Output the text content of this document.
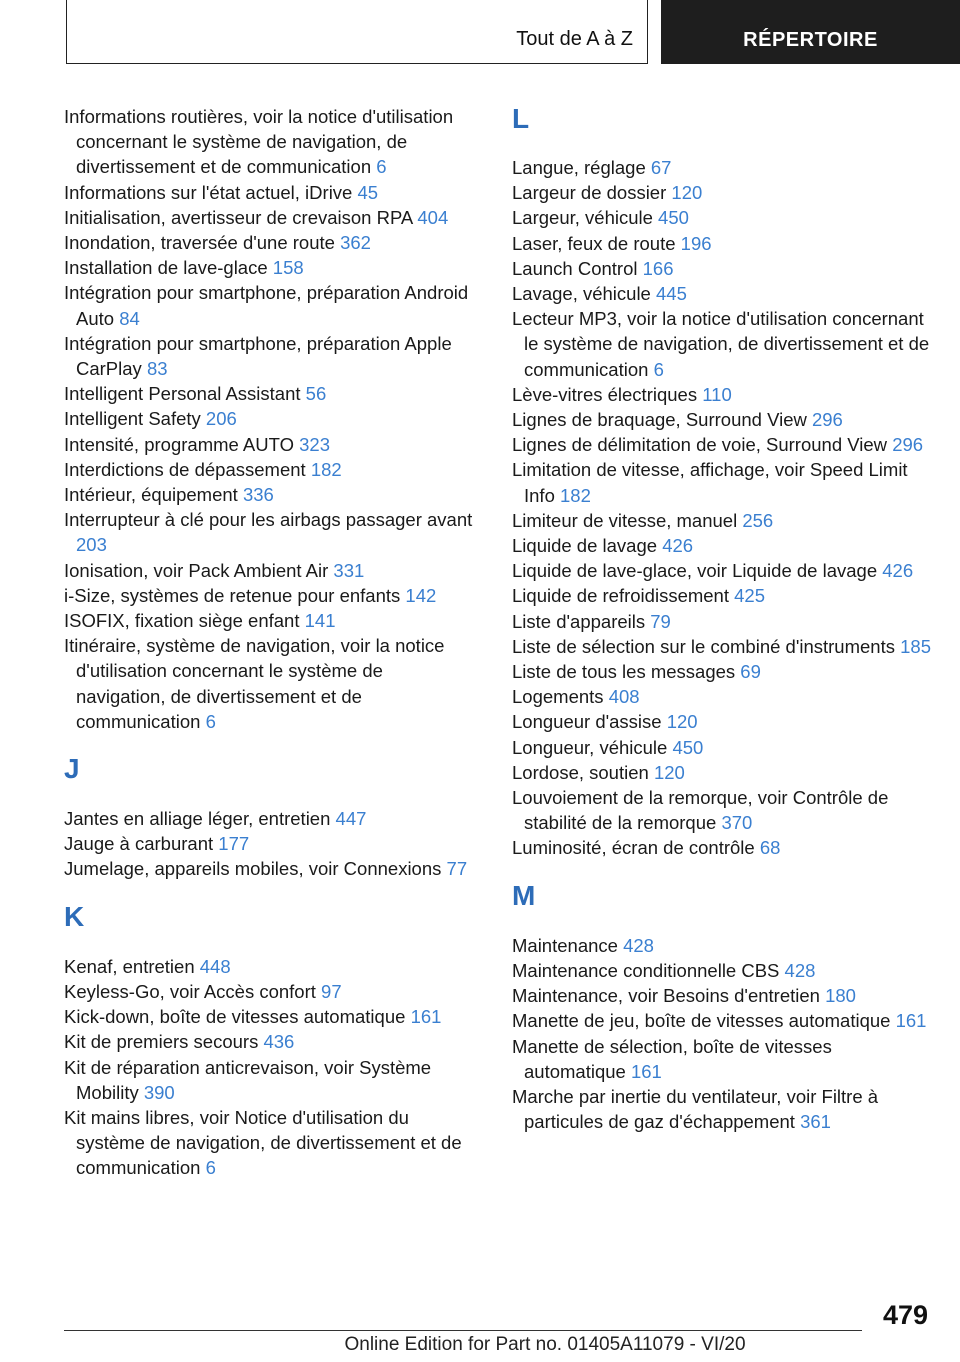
Tout de A à Z	RÉPERTOIRE
Informations routières, voir la notice d'utilisation concernant le système de navigation, de divertissement et de communication 6
Informations sur l'état actuel, iDrive 45
Initialisation, avertisseur de crevaison RPA 404
Inondation, traversée d'une route 362
Installation de lave-glace 158
Intégration pour smartphone, préparation Android Auto 84
Intégration pour smartphone, préparation Apple CarPlay 83
Intelligent Personal Assistant 56
Intelligent Safety 206
Intensité, programme AUTO 323
Interdictions de dépassement 182
Intérieur, équipement 336
Interrupteur à clé pour les airbags passager avant 203
Ionisation, voir Pack Ambient Air 331
i-Size, systèmes de retenue pour enfants 142
ISOFIX, fixation siège enfant 141
Itinéraire, système de navigation, voir la notice d'utilisation concernant le système de navigation, de divertissement et de communication 6
J
Jantes en alliage léger, entretien 447
Jauge à carburant 177
Jumelage, appareils mobiles, voir Connexions 77
K
Kenaf, entretien 448
Keyless-Go, voir Accès confort 97
Kick-down, boîte de vitesses automatique 161
Kit de premiers secours 436
Kit de réparation anticrevaison, voir Système Mobility 390
Kit mains libres, voir Notice d'utilisation du système de navigation, de divertissement et de communication 6
L
Langue, réglage 67
Largeur de dossier 120
Largeur, véhicule 450
Laser, feux de route 196
Launch Control 166
Lavage, véhicule 445
Lecteur MP3, voir la notice d'utilisation concernant le système de navigation, de divertissement et de communication 6
Lève-vitres électriques 110
Lignes de braquage, Surround View 296
Lignes de délimitation de voie, Surround View 296
Limitation de vitesse, affichage, voir Speed Limit Info 182
Limiteur de vitesse, manuel 256
Liquide de lavage 426
Liquide de lave-glace, voir Liquide de lavage 426
Liquide de refroidissement 425
Liste d'appareils 79
Liste de sélection sur le combiné d'instruments 185
Liste de tous les messages 69
Logements 408
Longueur d'assise 120
Longueur, véhicule 450
Lordose, soutien 120
Louvoiement de la remorque, voir Contrôle de stabilité de la remorque 370
Luminosité, écran de contrôle 68
M
Maintenance 428
Maintenance conditionnelle CBS 428
Maintenance, voir Besoins d'entretien 180
Manette de jeu, boîte de vitesses automatique 161
Manette de sélection, boîte de vitesses automatique 161
Marche par inertie du ventilateur, voir Filtre à particules de gaz d'échappement 361
479
Online Edition for Part no. 01405A11079 - VI/20
